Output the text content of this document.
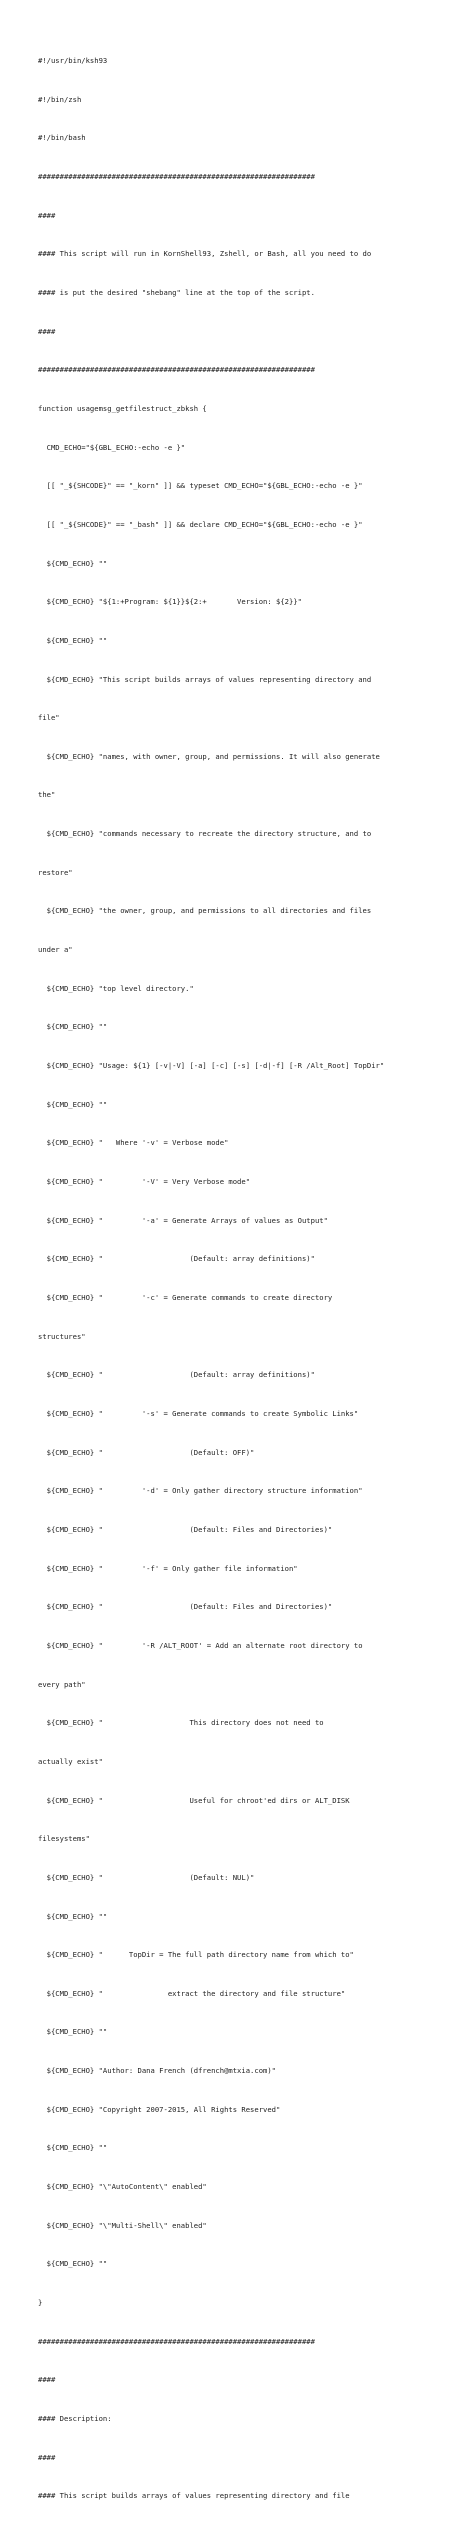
#!/usr/bin/ksh93

#!/bin/zsh

#!/bin/bash

################################################################

####

#### This script will run in KornShell93, Zshell, or Bash, all you need to do

#### is put the desired "shebang" line at the top of the script.

####

################################################################

function usagemsg_getfilestruct_zbksh {

CMD_ECHO="${GBL_ECHO:-echo -e }"

[[ "_${SHCODE}" == "_korn" ]] && typeset CMD_ECHO="${GBL_ECHO:-echo -e }"

[[ "_${SHCODE}" == "_bash" ]] && declare CMD_ECHO="${GBL_ECHO:-echo -e }"

${CMD_ECHO} ""

${CMD_ECHO} "${1:+Program: ${1}}${2:+       Version: ${2}}"

${CMD_ECHO} ""

${CMD_ECHO} "This script builds arrays of values representing directory and

file"

${CMD_ECHO} "names, with owner, group, and permissions. It will also generate

the"

${CMD_ECHO} "commands necessary to recreate the directory structure, and to

restore"

${CMD_ECHO} "the owner, group, and permissions to all directories and files

under a"

${CMD_ECHO} "top level directory."

${CMD_ECHO} ""

${CMD_ECHO} "Usage: ${1} [-v|-V] [-a] [-c] [-s] [-d|-f] [-R /Alt_Root] TopDir"

${CMD_ECHO} ""

${CMD_ECHO} "   Where '-v' = Verbose mode"

${CMD_ECHO} "         '-V' = Very Verbose mode"

${CMD_ECHO} "         '-a' = Generate Arrays of values as Output"

${CMD_ECHO} "                    (Default: array definitions)"

${CMD_ECHO} "         '-c' = Generate commands to create directory

structures"

${CMD_ECHO} "                    (Default: array definitions)"

${CMD_ECHO} "         '-s' = Generate commands to create Symbolic Links"

${CMD_ECHO} "                    (Default: OFF)"

${CMD_ECHO} "         '-d' = Only gather directory structure information"

${CMD_ECHO} "                    (Default: Files and Directories)"

${CMD_ECHO} "         '-f' = Only gather file information"

${CMD_ECHO} "                    (Default: Files and Directories)"

${CMD_ECHO} "         '-R /ALT_ROOT' = Add an alternate root directory to

every path"

${CMD_ECHO} "                    This directory does not need to

actually exist"

${CMD_ECHO} "                    Useful for chroot'ed dirs or ALT_DISK

filesystems"

${CMD_ECHO} "                    (Default: NUL)"

${CMD_ECHO} ""

${CMD_ECHO} "      TopDir = The full path directory name from which to"

${CMD_ECHO} "               extract the directory and file structure"

${CMD_ECHO} ""

${CMD_ECHO} "Author: Dana French (dfrench@mtxia.com)"

${CMD_ECHO} "Copyright 2007-2015, All Rights Reserved"

${CMD_ECHO} ""

${CMD_ECHO} "\"AutoContent\" enabled"

${CMD_ECHO} "\"Multi-Shell\" enabled"

${CMD_ECHO} ""

}

################################################################

####

#### Description:

####

#### This script builds arrays of values representing directory and file
